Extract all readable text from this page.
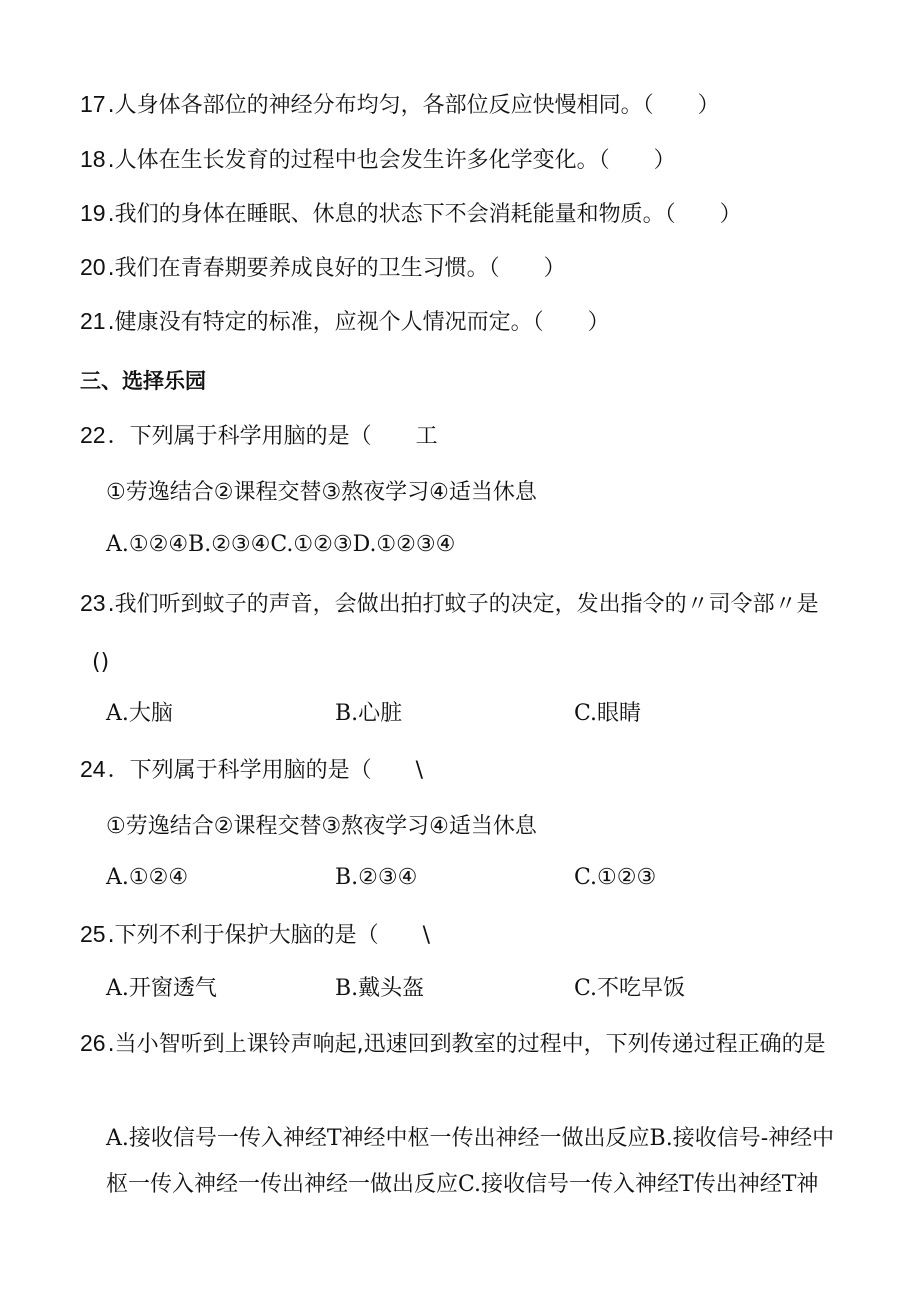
17.人身体各部位的神经分布均匀，各部位反应快慢相同。（　　）
18.人体在生长发育的过程中也会发生许多化学变化。（　　）
19.我们的身体在睡眠、休息的状态下不会消耗能量和物质。（　　）
20.我们在青春期要养成良好的卫生习惯。（　　）
21.健康没有特定的标准，应视个人情况而定。（　　）
三、选择乐园
22．下列属于科学用脑的是（　　工
①劳逸结合②课程交替③熬夜学习④适当休息
A.①②④B.②③④C.①②③D.①②③④
23.我们听到蚊子的声音，会做出拍打蚊子的决定，发出指令的〃司令部〃是
()
A.大脑	B.心脏	C.眼睛
24．下列属于科学用脑的是（　　\
①劳逸结合②课程交替③熬夜学习④适当休息
A.①②④	B.②③④	C.①②③
25.下列不利于保护大脑的是（　　\
A.开窗透气	B.戴头盔	C.不吃早饭
26.当小智听到上课铃声响起,迅速回到教室的过程中，下列传递过程正确的是
A.接收信号一传入神经T神经中枢一传出神经一做出反应B.接收信号-神经中
枢一传入神经一传出神经一做出反应C.接收信号一传入神经T传出神经T神
